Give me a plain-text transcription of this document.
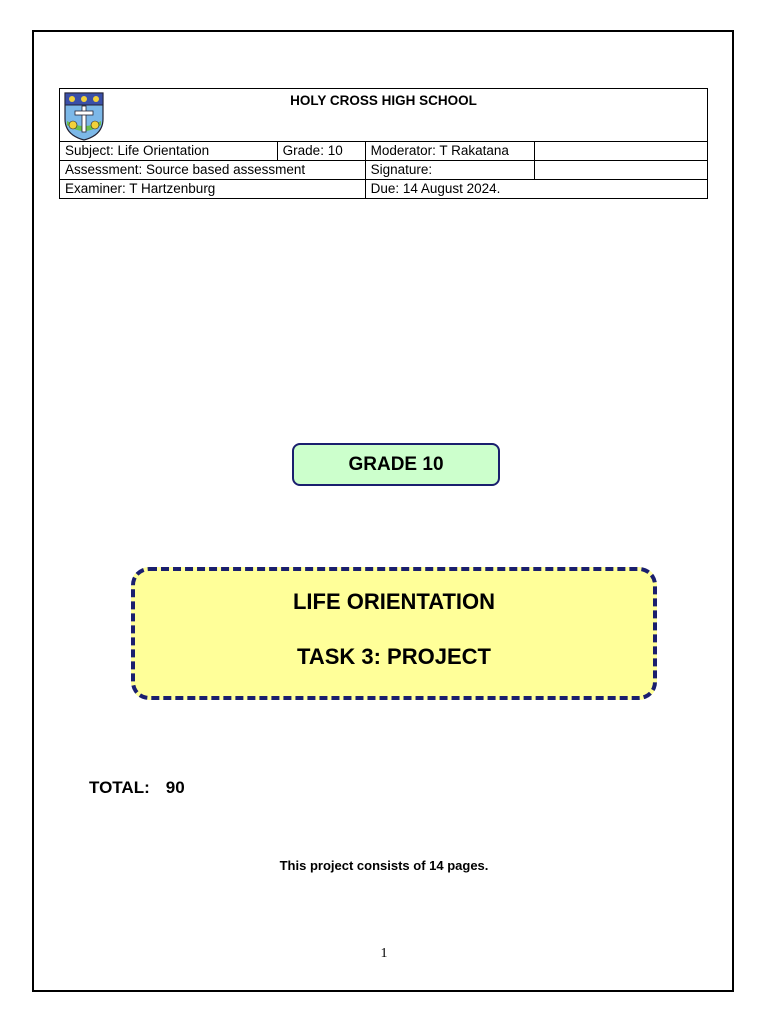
HOLY CROSS HIGH SCHOOL			

Subject: Life Orientation	Grade: 10	Moderator: T Rakatana	
Assessment: Source based assessment		Signature:	
Examiner: T Hartzenburg		Due: 14 August 2024.	
GRADE 10
LIFE ORIENTATION
TASK 3: PROJECT
TOTAL: 90
This project consists of 14 pages.
1
